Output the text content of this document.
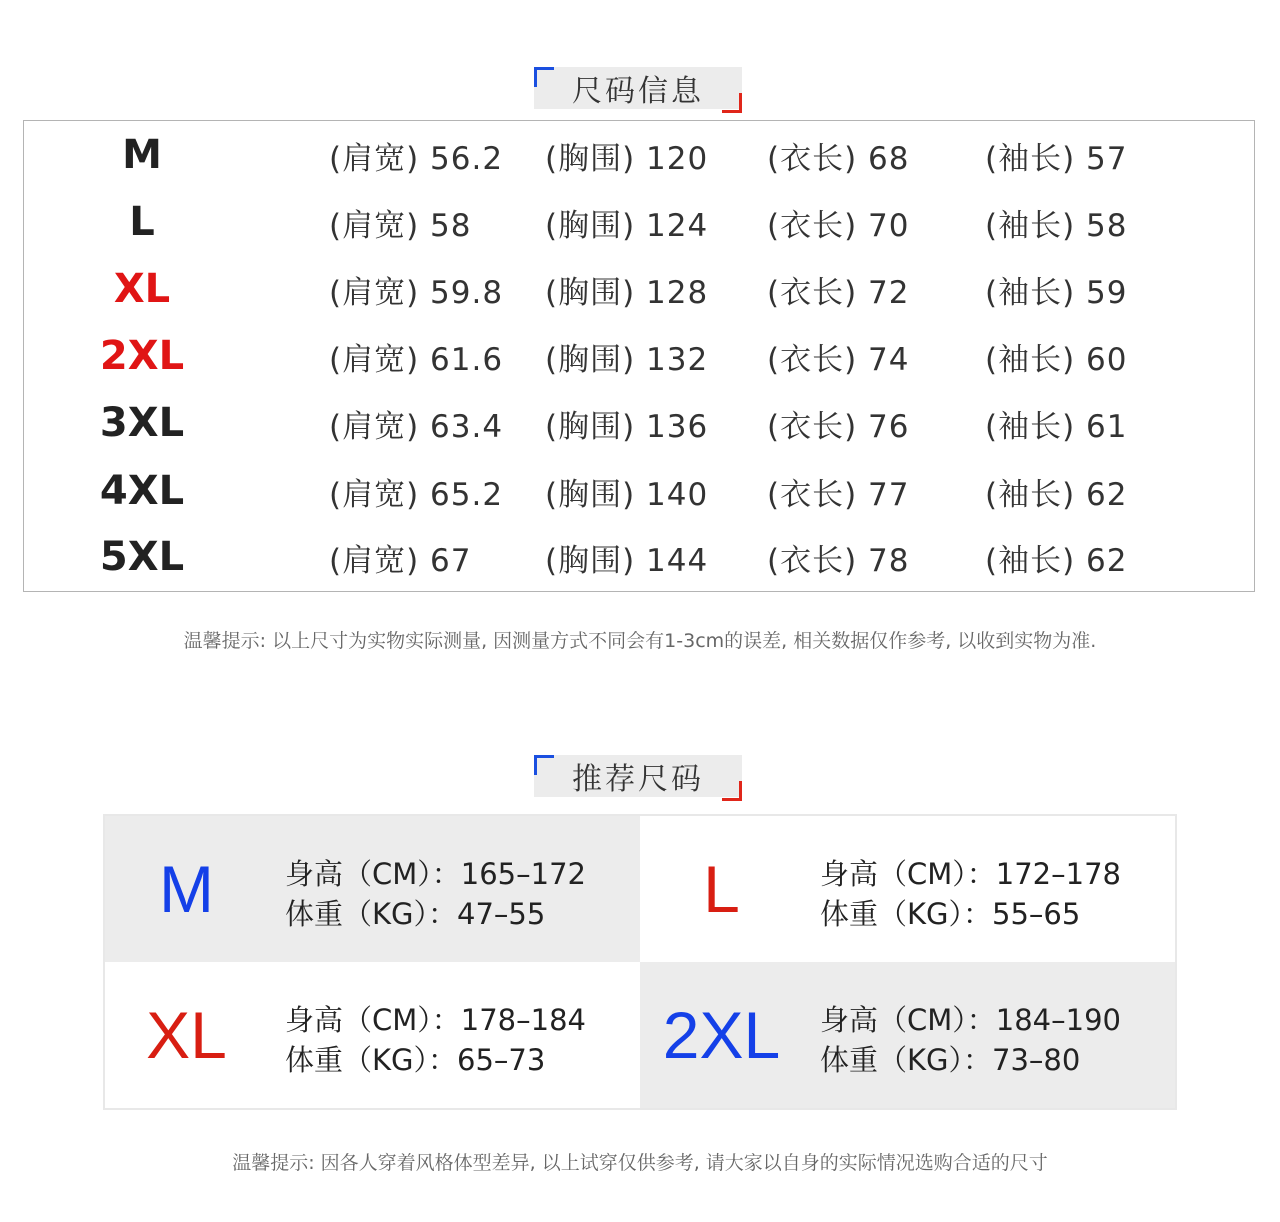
尺码信息
M	(肩宽) 56.2 (胸围) 120 (衣长) 68 (袖长) 57
L	(肩宽) 58 (胸围) 124 (衣长) 70 (袖长) 58
XL	(肩宽) 59.8 (胸围) 128 (衣长) 72 (袖长) 59
2XL	(肩宽) 61.6 (胸围) 132 (衣长) 74 (袖长) 60
3XL	(肩宽) 63.4 (胸围) 136 (衣长) 76 (袖长) 61
4XL	(肩宽) 65.2 (胸围) 140 (衣长) 77 (袖长) 62
5XL	(肩宽) 67 (胸围) 144 (衣长) 78 (袖长) 62
温馨提示: 以上尺寸为实物实际测量, 因测量方式不同会有1-3cm的误差, 相关数据仅作参考, 以收到实物为准.
推荐尺码
M	身高（CM）：165–172
体重（KG）：47–55	L	身高（CM）：172–178
体重（KG）：55–65
XL	身高（CM）：178–184
体重（KG）：65–73	2XL	身高（CM）：184–190
体重（KG）：73–80
温馨提示: 因各人穿着风格体型差异, 以上试穿仅供参考, 请大家以自身的实际情况选购合适的尺寸
